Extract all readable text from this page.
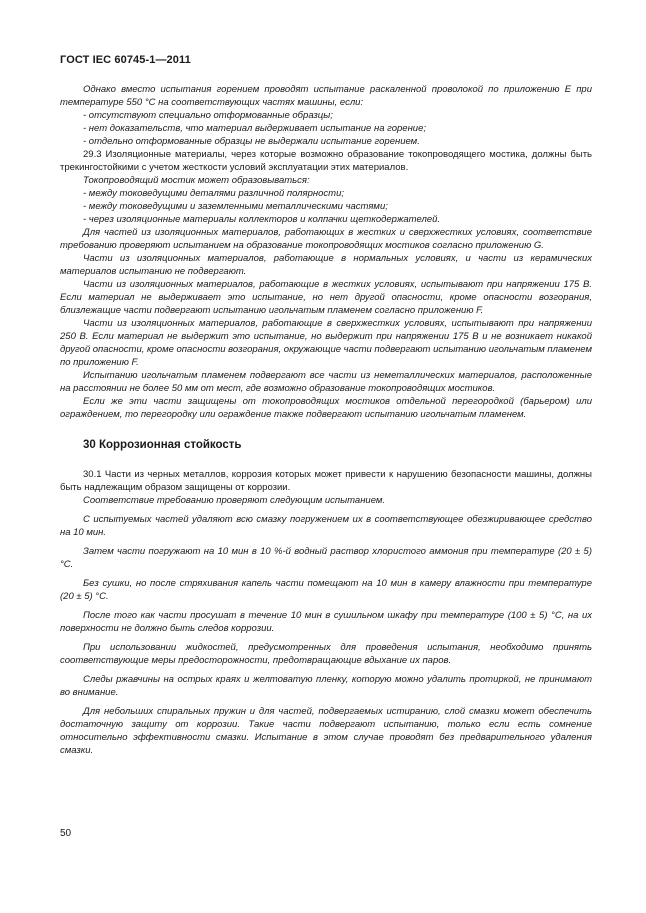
ГОСТ IEC 60745-1—2011

Однако вместо испытания горением проводят испытание раскаленной проволокой по приложению E при температуре 550 °C на соответствующих частях машины, если:

- отсутствуют специально отформованные образцы;

- нет доказательств, что материал выдерживает испытание на горение;

- отдельно отформованные образцы не выдержали испытание горением.

29.3 Изоляционные материалы, через которые возможно образование токопроводящего мостика, должны быть трекингостойкими с учетом жесткости условий эксплуатации этих материалов.

Токопроводящий мостик может образовываться:

- между токоведущими деталями различной полярности;

- между токоведущими и заземленными металлическими частями;

- через изоляционные материалы коллекторов и колпачки щеткодержателей.

Для частей из изоляционных материалов, работающих в жестких и сверхжестких условиях, соответствие требованию проверяют испытанием на образование токопроводящих мостиков согласно приложению G.

Части из изоляционных материалов, работающие в нормальных условиях, и части из керамических материалов испытанию не подвергают.

Части из изоляционных материалов, работающие в жестких условиях, испытывают при напряжении 175 В. Если материал не выдерживает это испытание, но нет другой опасности, кроме опасности возгорания, близлежащие части подвергают испытанию игольчатым пламенем согласно приложению F.

Части из изоляционных материалов, работающие в сверхжестких условиях, испытывают при напряжении 250 В. Если материал не выдержит это испытание, но выдержит при напряжении 175 В и не возникает никакой другой опасности, кроме опасности возгорания, окружающие части подвергают испытанию игольчатым пламенем по приложению F.

Испытанию игольчатым пламенем подвергают все части из неметаллических материалов, расположенные на расстоянии не более 50 мм от мест, где возможно образование токопроводящих мостиков.

Если же эти части защищены от токопроводящих мостиков отдельной перегородкой (барьером) или ограждением, то перегородку или ограждение также подвергают испытанию игольчатым пламенем.

30 Коррозионная стойкость

30.1 Части из черных металлов, коррозия которых может привести к нарушению безопасности машины, должны быть надлежащим образом защищены от коррозии.

Соответствие требованию проверяют следующим испытанием.

С испытуемых частей удаляют всю смазку погружением их в соответствующее обезжиривающее средство на 10 мин.

Затем части погружают на 10 мин в 10 %-й водный раствор хлористого аммония при температуре (20 ± 5) °C.

Без сушки, но после стряхивания капель части помещают на 10 мин в камеру влажности при температуре (20 ± 5) °C.

После того как части просушат в течение 10 мин в сушильном шкафу при температуре (100 ± 5) °C, на их поверхности не должно быть следов коррозии.

При использовании жидкостей, предусмотренных для проведения испытания, необходимо принять соответствующие меры предосторожности, предотвращающие вдыхание их паров.

Следы ржавчины на острых краях и желтоватую пленку, которую можно удалить протиркой, не принимают во внимание.

Для небольших спиральных пружин и для частей, подвергаемых истиранию, слой смазки может обеспечить достаточную защиту от коррозии. Такие части подвергают испытанию, только если есть сомнение относительно эффективности смазки. Испытание в этом случае проводят без предварительного удаления смазки.

50
